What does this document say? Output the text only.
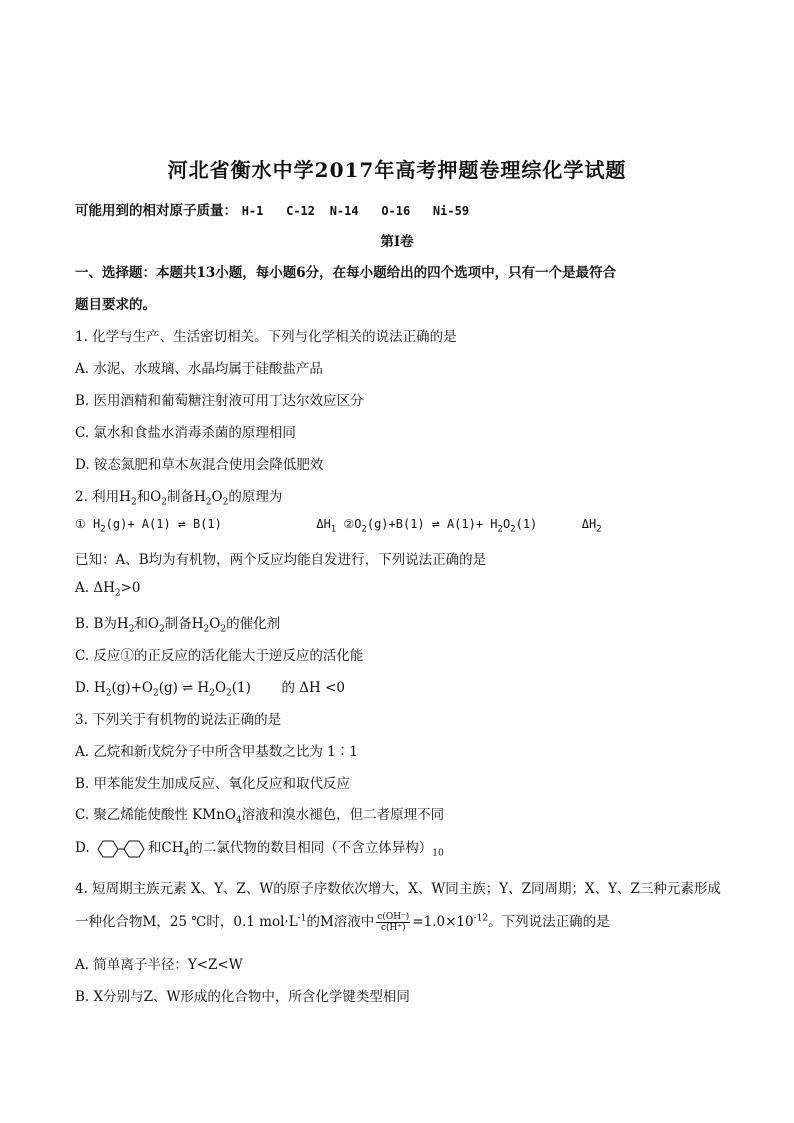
河北省衡水中学2017年高考押题卷理综化学试题
可能用到的相对原子质量： H-1 C-12 N-14 O-16 Ni-59
第Ⅰ卷
一、选择题：本题共13小题，每小题6分，在每小题给出的四个选项中，只有一个是最符合
题目要求的。
1. 化学与生产、生活密切相关。下列与化学相关的说法正确的是
A. 水泥、水玻璃、水晶均属于硅酸盐产品
B. 医用酒精和葡萄糖注射液可用丁达尔效应区分
C. 氯水和食盐水消毒杀菌的原理相同
D. 铵态氮肥和草木灰混合使用会降低肥效
2. 利用$H_2$和$O_2$制备$H_2O_2$的原理为
① $H_2(g)+ A(1)$ ⇌ B(1)	$\Delta H_1$ $②O_2(g)+B(1)$ ⇌ $A(1)+ H_2O_2(1)$	$\Delta H_2$
已知：A、B均为有机物，两个反应均能自发进行，下列说法正确的是
A. $\Delta H_2>0$
B. B为$H_2$和$O_2$制备$H_2O_2$的催化剂
C. 反应①的正反应的活化能大于逆反应的活化能
D. $H_2(g)+O_2(g)$ ⇌ $H_2O_2(1)$ 的 ΔH <0
3. 下列关于有机物的说法正确的是
A. 乙烷和新戊烷分子中所含甲基数之比为 1∶1
B. 甲苯能发生加成反应、氧化反应和取代反应
C. 聚乙烯能使酸性 KMnO$_4$溶液和溴水褪色，但二者原理不同
D.	和$CH_4$的二氯代物的数目相同（不含立体异构）$_{10}$
4. 短周期主族元素 X、Y、Z、W的原子序数依次增大，X、W同主族；Y、Z同周期；X、Y、Z三种元素形成
一种化合物M，25 ℃时，0.1 $mol\cdot L^{-1}$的M溶液中 $\frac{c(OH^-)}{c(H^+)} =1.0\times 10^{-12}$。下列说法正确的是
A. 简单离子半径：Y<Z<W
B. X分别与Z、W形成的化合物中，所含化学键类型相同
